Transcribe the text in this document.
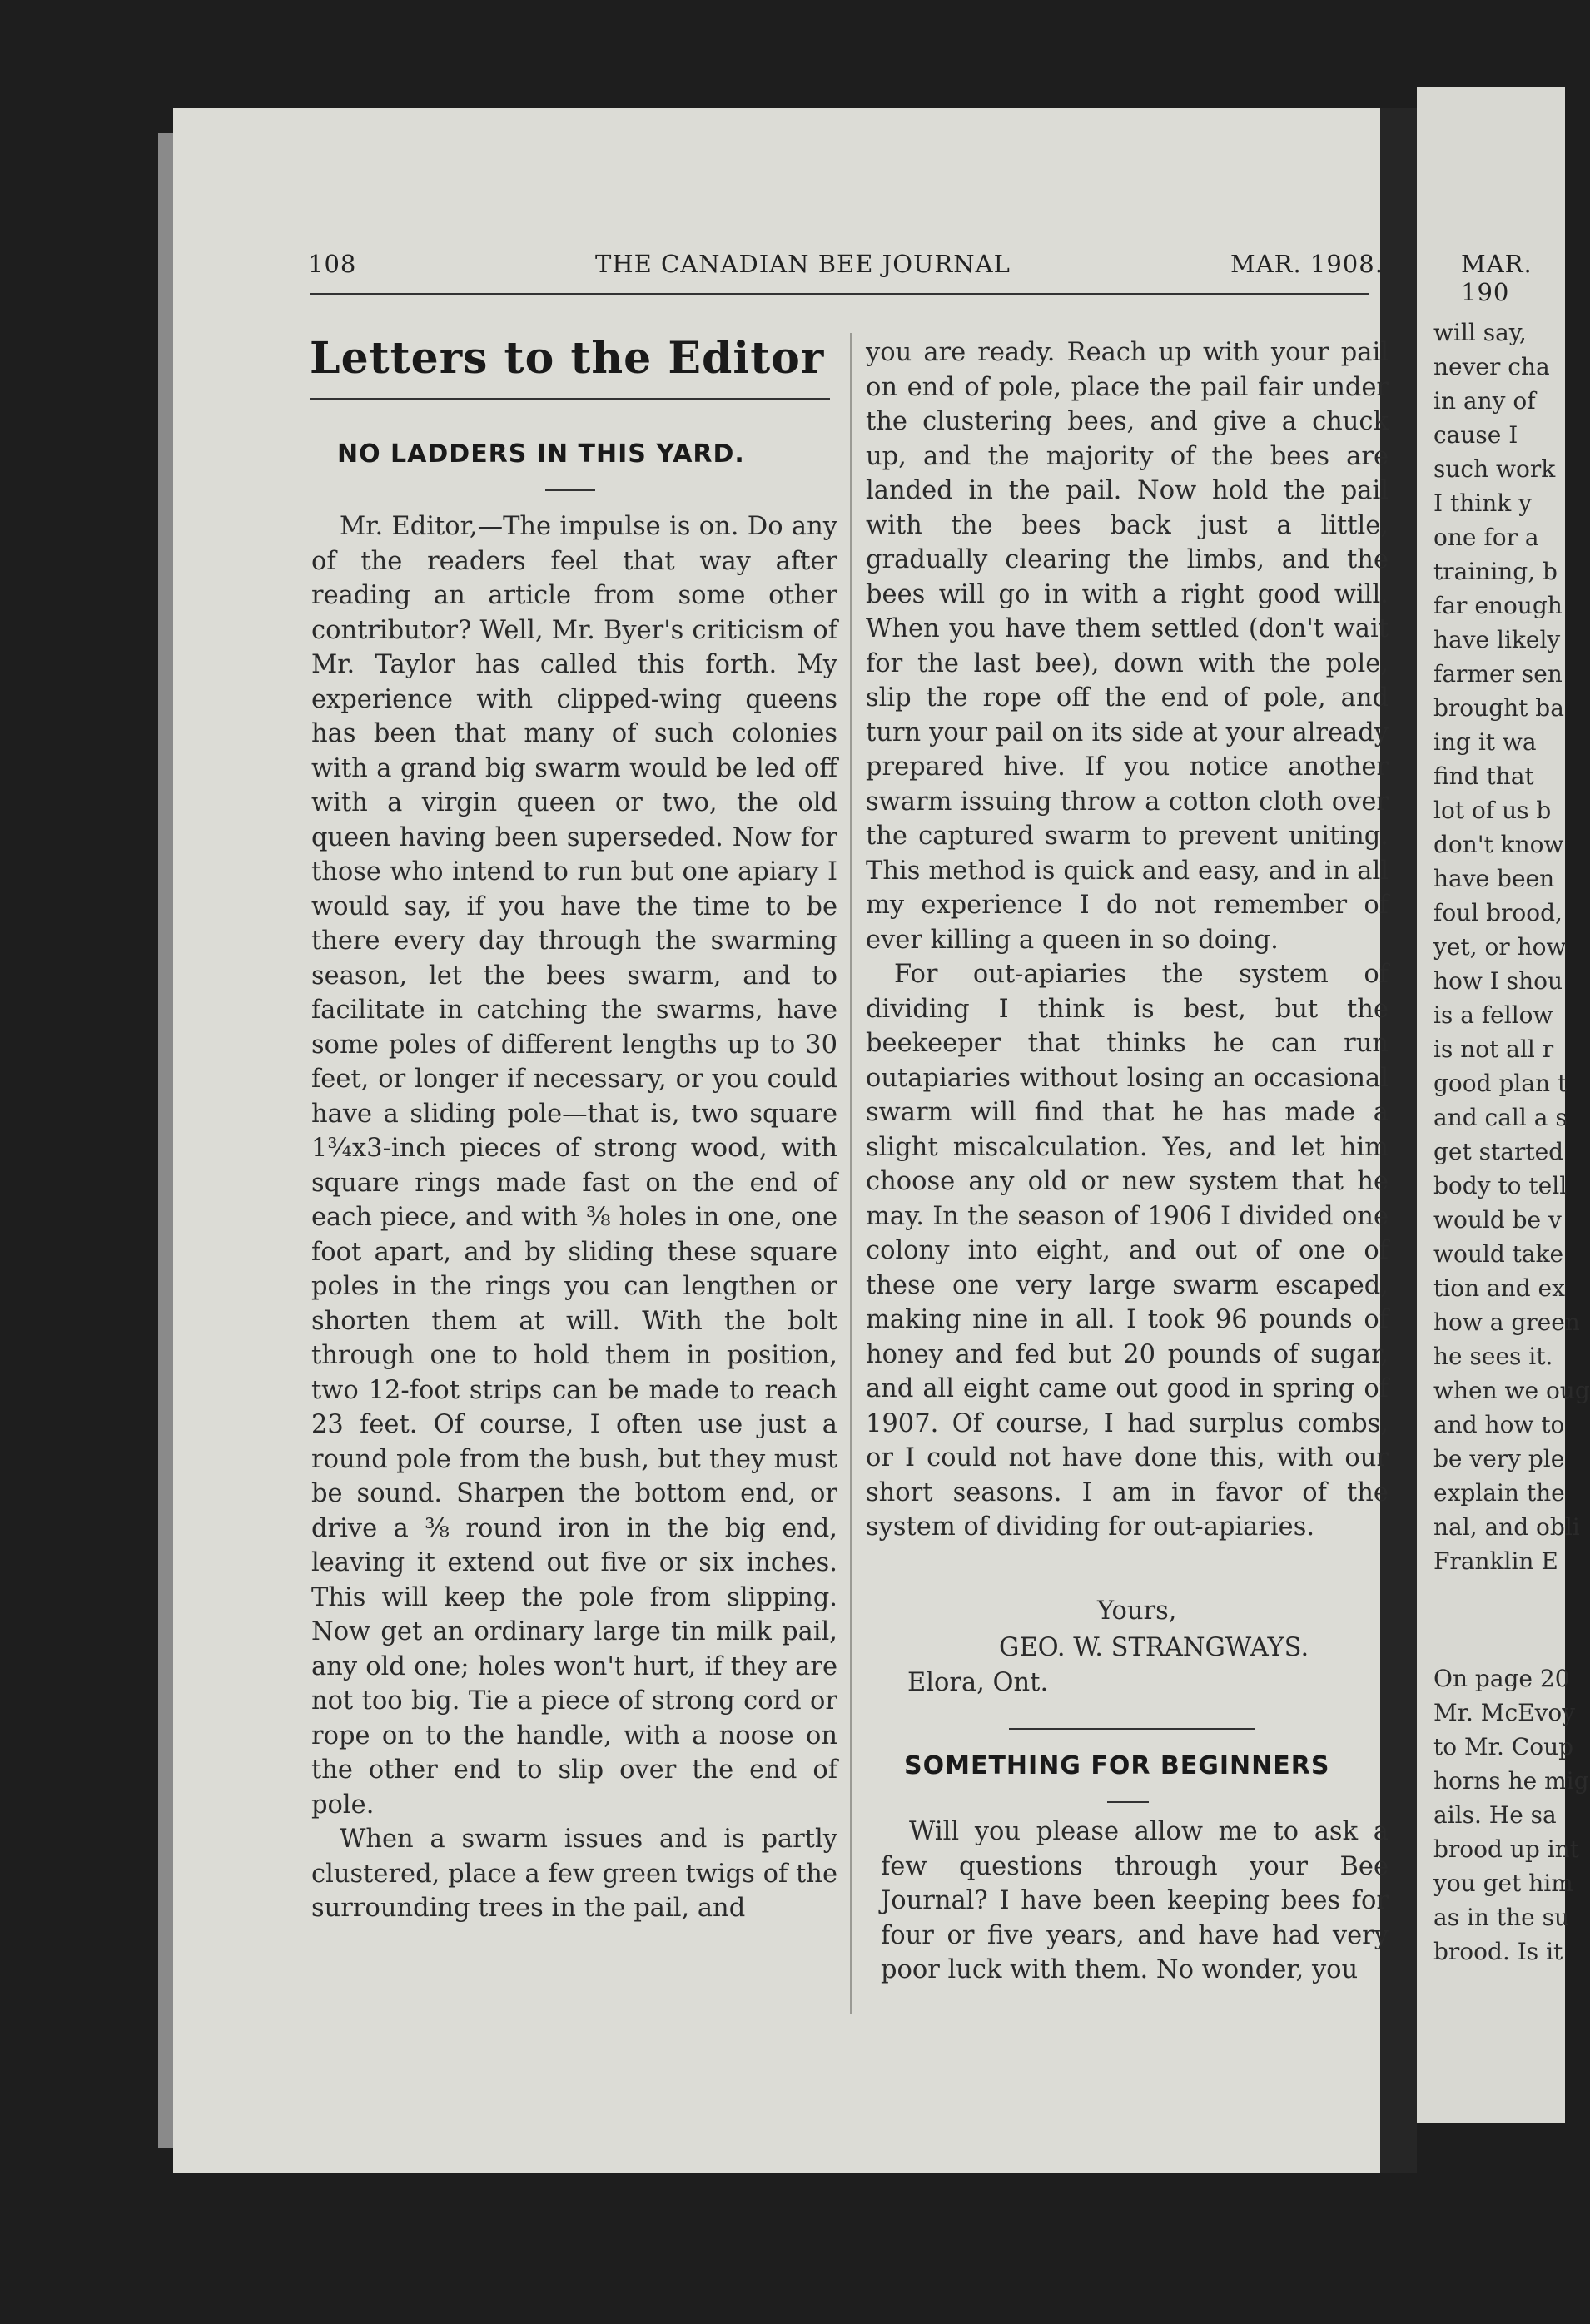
108	THE CANADIAN BEE JOURNAL	MAR. 1908.	MAR. 190
Letters to the Editor
NO LADDERS IN THIS YARD.

Mr. Editor,—The impulse is on. Do any of the readers feel that way after reading an article from some other contributor? Well, Mr. Byer's criticism of Mr. Taylor has called this forth. My experience with clipped-wing queens has been that many of such colonies with a grand big swarm would be led off with a virgin queen or two, the old queen having been superseded. Now for those who intend to run but one apiary I would say, if you have the time to be there every day through the swarming season, let the bees swarm, and to facilitate in catching the swarms, have some poles of different lengths up to 30 feet, or longer if necessary, or you could have a sliding pole—that is, two square 1¾x3-inch pieces of strong wood, with square rings made fast on the end of each piece, and with ⅜ holes in one, one foot apart, and by sliding these square poles in the rings you can lengthen or shorten them at will. With the bolt through one to hold them in position, two 12-foot strips can be made to reach 23 feet. Of course, I often use just a round pole from the bush, but they must be sound. Sharpen the bottom end, or drive a ⅜ round iron in the big end, leaving it extend out five or six inches. This will keep the pole from slipping. Now get an ordinary large tin milk pail, any old one; holes won't hurt, if they are not too big. Tie a piece of strong cord or rope on to the handle, with a noose on the other end to slip over the end of pole.

When a swarm issues and is partly clustered, place a few green twigs of the surrounding trees in the pail, and

you are ready. Reach up with your pail on end of pole, place the pail fair under the clustering bees, and give a chuck up, and the majority of the bees are landed in the pail. Now hold the pail with the bees back just a little, gradually clearing the limbs, and the bees will go in with a right good will. When you have them settled (don't wait for the last bee), down with the pole, slip the rope off the end of pole, and turn your pail on its side at your already prepared hive. If you notice another swarm issuing throw a cotton cloth over the captured swarm to prevent uniting. This method is quick and easy, and in all my experience I do not remember of ever killing a queen in so doing.

For out-apiaries the system of dividing I think is best, but the beekeeper that thinks he can run outapiaries without losing an occasional swarm will find that he has made a slight miscalculation. Yes, and let him choose any old or new system that he may. In the season of 1906 I divided one colony into eight, and out of one of these one very large swarm escaped, making nine in all. I took 96 pounds of honey and fed but 20 pounds of sugar, and all eight came out good in spring of 1907. Of course, I had surplus combs, or I could not have done this, with our short seasons. I am in favor of the system of dividing for out-apiaries.

Yours,
GEO. W. STRANGWAYS.
Elora, Ont.
SOMETHING FOR BEGINNERS

Will you please allow me to ask a few questions through your Bee Journal? I have been keeping bees for four or five years, and have had very poor luck with them. No wonder, you

will say,
never cha
in any of
cause I
such work
I think y
one for a
training, b
far enough
have likely
farmer sen
brought ba
ing it wa
find that
lot of us b
don't know
have been
foul brood,
yet, or how
how I shou
is a fellow
is not all r
good plan t
and call a s
get started
body to tell
would be v
would take
tion and ex
how a green
he sees it.
when we oug
and how to
be very ple
explain the
nal, and obli
Franklin E
On page 20
Mr. McEvoy
to Mr. Coup
horns he mig
ails. He sa
brood up int
you get him
as in the su
brood. Is it
